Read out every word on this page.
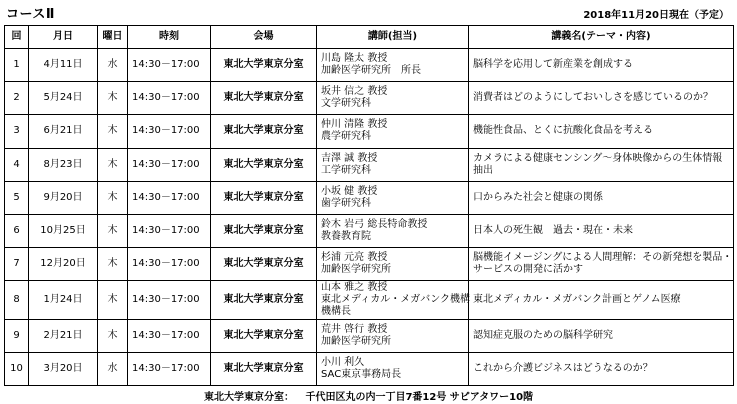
コースⅡ	2018年11月20日現在（予定）
回	月日	曜日	時刻	会場	講師(担当)	講義名(テーマ・内容)
1	4月11日	水	14:30－17:00	東北大学東京分室	川島 隆太 教授
加齢医学研究所　所長	脳科学を応用して新産業を創成する

2	5月24日	木	14:30－17:00	東北大学東京分室	坂井 信之 教授
文学研究科	消費者はどのようにしておいしさを感じているのか？

3	6月21日	木	14:30－17:00	東北大学東京分室	仲川 清隆 教授
農学研究科	機能性食品、とくに抗酸化食品を考える

4	8月23日	木	14:30－17:00	東北大学東京分室	吉澤 誠 教授
工学研究科	カメラによる健康センシング～身体映像からの生体情報
抽出

5	9月20日	木	14:30－17:00	東北大学東京分室	小坂 健 教授
歯学研究科	口からみた社会と健康の関係

6	10月25日	木	14:30－17:00	東北大学東京分室	鈴木 岩弓 総長特命教授
教養教育院	日本人の死生観　過去・現在・未来

7	12月20日	木	14:30－17:00	東北大学東京分室	杉浦 元亮 教授
加齢医学研究所	脳機能イメージングによる人間理解：その新発想を製品・
サービスの開発に活かす

8	1月24日	木	14:30－17:00	東北大学東京分室	山本 雅之 教授
東北メディカル・メガバンク機構
機構長	東北メディカル・メガバンク計画とゲノム医療

9	2月21日	木	14:30－17:00	東北大学東京分室	荒井 啓行 教授
加齢医学研究所	認知症克服のための脳科学研究

10	3月20日	水	14:30－17:00	東北大学東京分室	小川 利久
SAC東京事務局長	これから介護ビジネスはどうなるのか？
東北大学東京分室： 千代田区丸の内一丁目7番12号 サピアタワー10階
